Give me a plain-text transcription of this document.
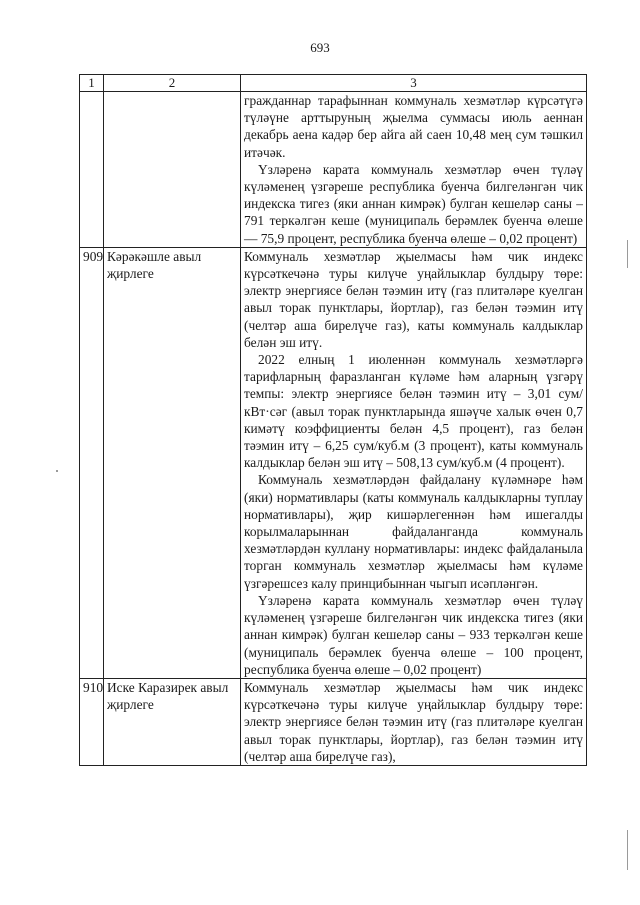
693
1	2	3

		гражданнар тарафыннан коммуналь хезмәтләр күрсәтүгә түләүне арттыруның җыелма суммасы июль аеннан декабрь аена кадәр бер айга ай саен 10,48 мең сум тәшкил итәчәк.

Үзләренә карата коммуналь хезмәтләр өчен түләү күләменең үзгәреше республика буенча билгеләнгән чик индекска тигез (яки аннан кимрәк) булган кешеләр саны – 791 теркәлгән кеше (муниципаль берәмлек буенча өлеше — 75,9 процент, республика буенча өлеше – 0,02 процент)

909	Кәрәкәшле авыл җирлеге	Коммуналь хезмәтләр җыелмасы һәм чик индекс күрсәткечәнә туры килүче уңайлыклар булдыру төре: электр энергиясе белән тәэмин итү (газ плитәләре куелган авыл торак пунктлары, йортлар), газ белән тәэмин итү (челтәр аша бирелүче газ), каты коммуналь калдыклар белән эш итү.

2022 елның 1 июленнән коммуналь хезмәтләргә тарифларның фаразланган күләме һәм аларның үзгәрү темпы: электр энергиясе белән тәэмин итү – 3,01 сум/кВт·сәг (авыл торак пунктларында яшәүче халык өчен 0,7 кимәтү коэффициенты белән 4,5 процент), газ белән тәэмин итү – 6,25 сум/куб.м (3 процент), каты коммуналь калдыклар белән эш итү – 508,13 сум/куб.м (4 процент).

Коммуналь хезмәтләрдән файдалану күләмнәре һәм (яки) нормативлары (каты коммуналь калдыкларны туплау нормативлары), җир кишәрлегеннән һәм ишегалды корылмаларыннан файдаланганда коммуналь хезмәтләрдән куллану нормативлары: индекс файдаланыла торган коммуналь хезмәтләр җыелмасы һәм күләме үзгәрешсез калу принцибыннан чыгып исәпләнгән.

Үзләренә карата коммуналь хезмәтләр өчен түләү күләменең үзгәреше билгеләнгән чик индекска тигез (яки аннан кимрәк) булган кешеләр саны – 933 теркәлгән кеше (муниципаль берәмлек буенча өлеше – 100 процент, республика буенча өлеше – 0,02 процент)

910	Иске Каразирек авыл җирлеге	Коммуналь хезмәтләр җыелмасы һәм чик индекс күрсәткечәнә туры килүче уңайлыклар булдыру төре: электр энергиясе белән тәэмин итү (газ плитәләре куелган авыл торак пунктлары, йортлар), газ белән тәэмин итү (челтәр аша бирелүче газ),
